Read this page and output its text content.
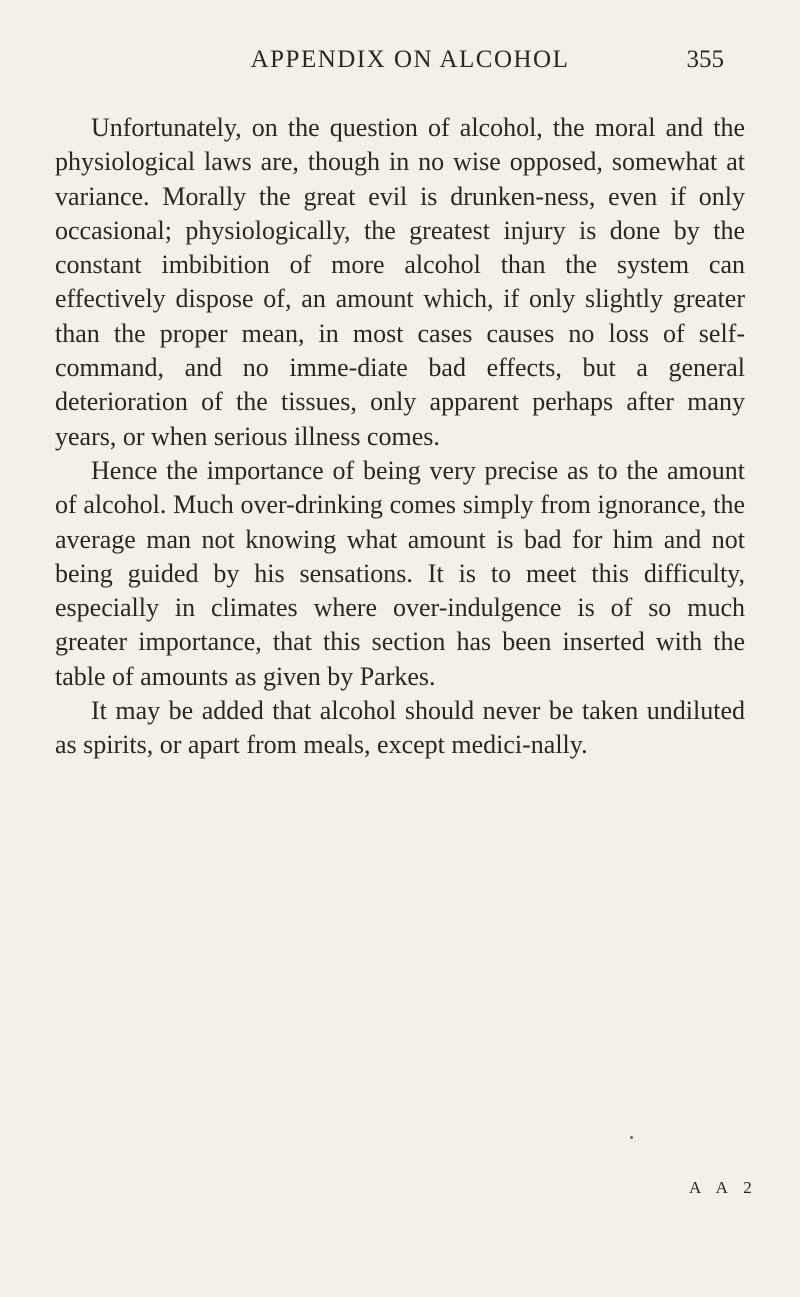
APPENDIX ON ALCOHOL	355

Unfortunately, on the question of alcohol, the moral and the physiological laws are, though in no wise opposed, somewhat at variance. Morally the great evil is drunken-ness, even if only occasional; physiologically, the greatest injury is done by the constant imbibition of more alcohol than the system can effectively dispose of, an amount which, if only slightly greater than the proper mean, in most cases causes no loss of self-command, and no imme-diate bad effects, but a general deterioration of the tissues, only apparent perhaps after many years, or when serious illness comes.

Hence the importance of being very precise as to the amount of alcohol. Much over-drinking comes simply from ignorance, the average man not knowing what amount is bad for him and not being guided by his sensations. It is to meet this difficulty, especially in climates where over-indulgence is of so much greater importance, that this section has been inserted with the table of amounts as given by Parkes.

It may be added that alcohol should never be taken undiluted as spirits, or apart from meals, except medici-nally.

A A 2
